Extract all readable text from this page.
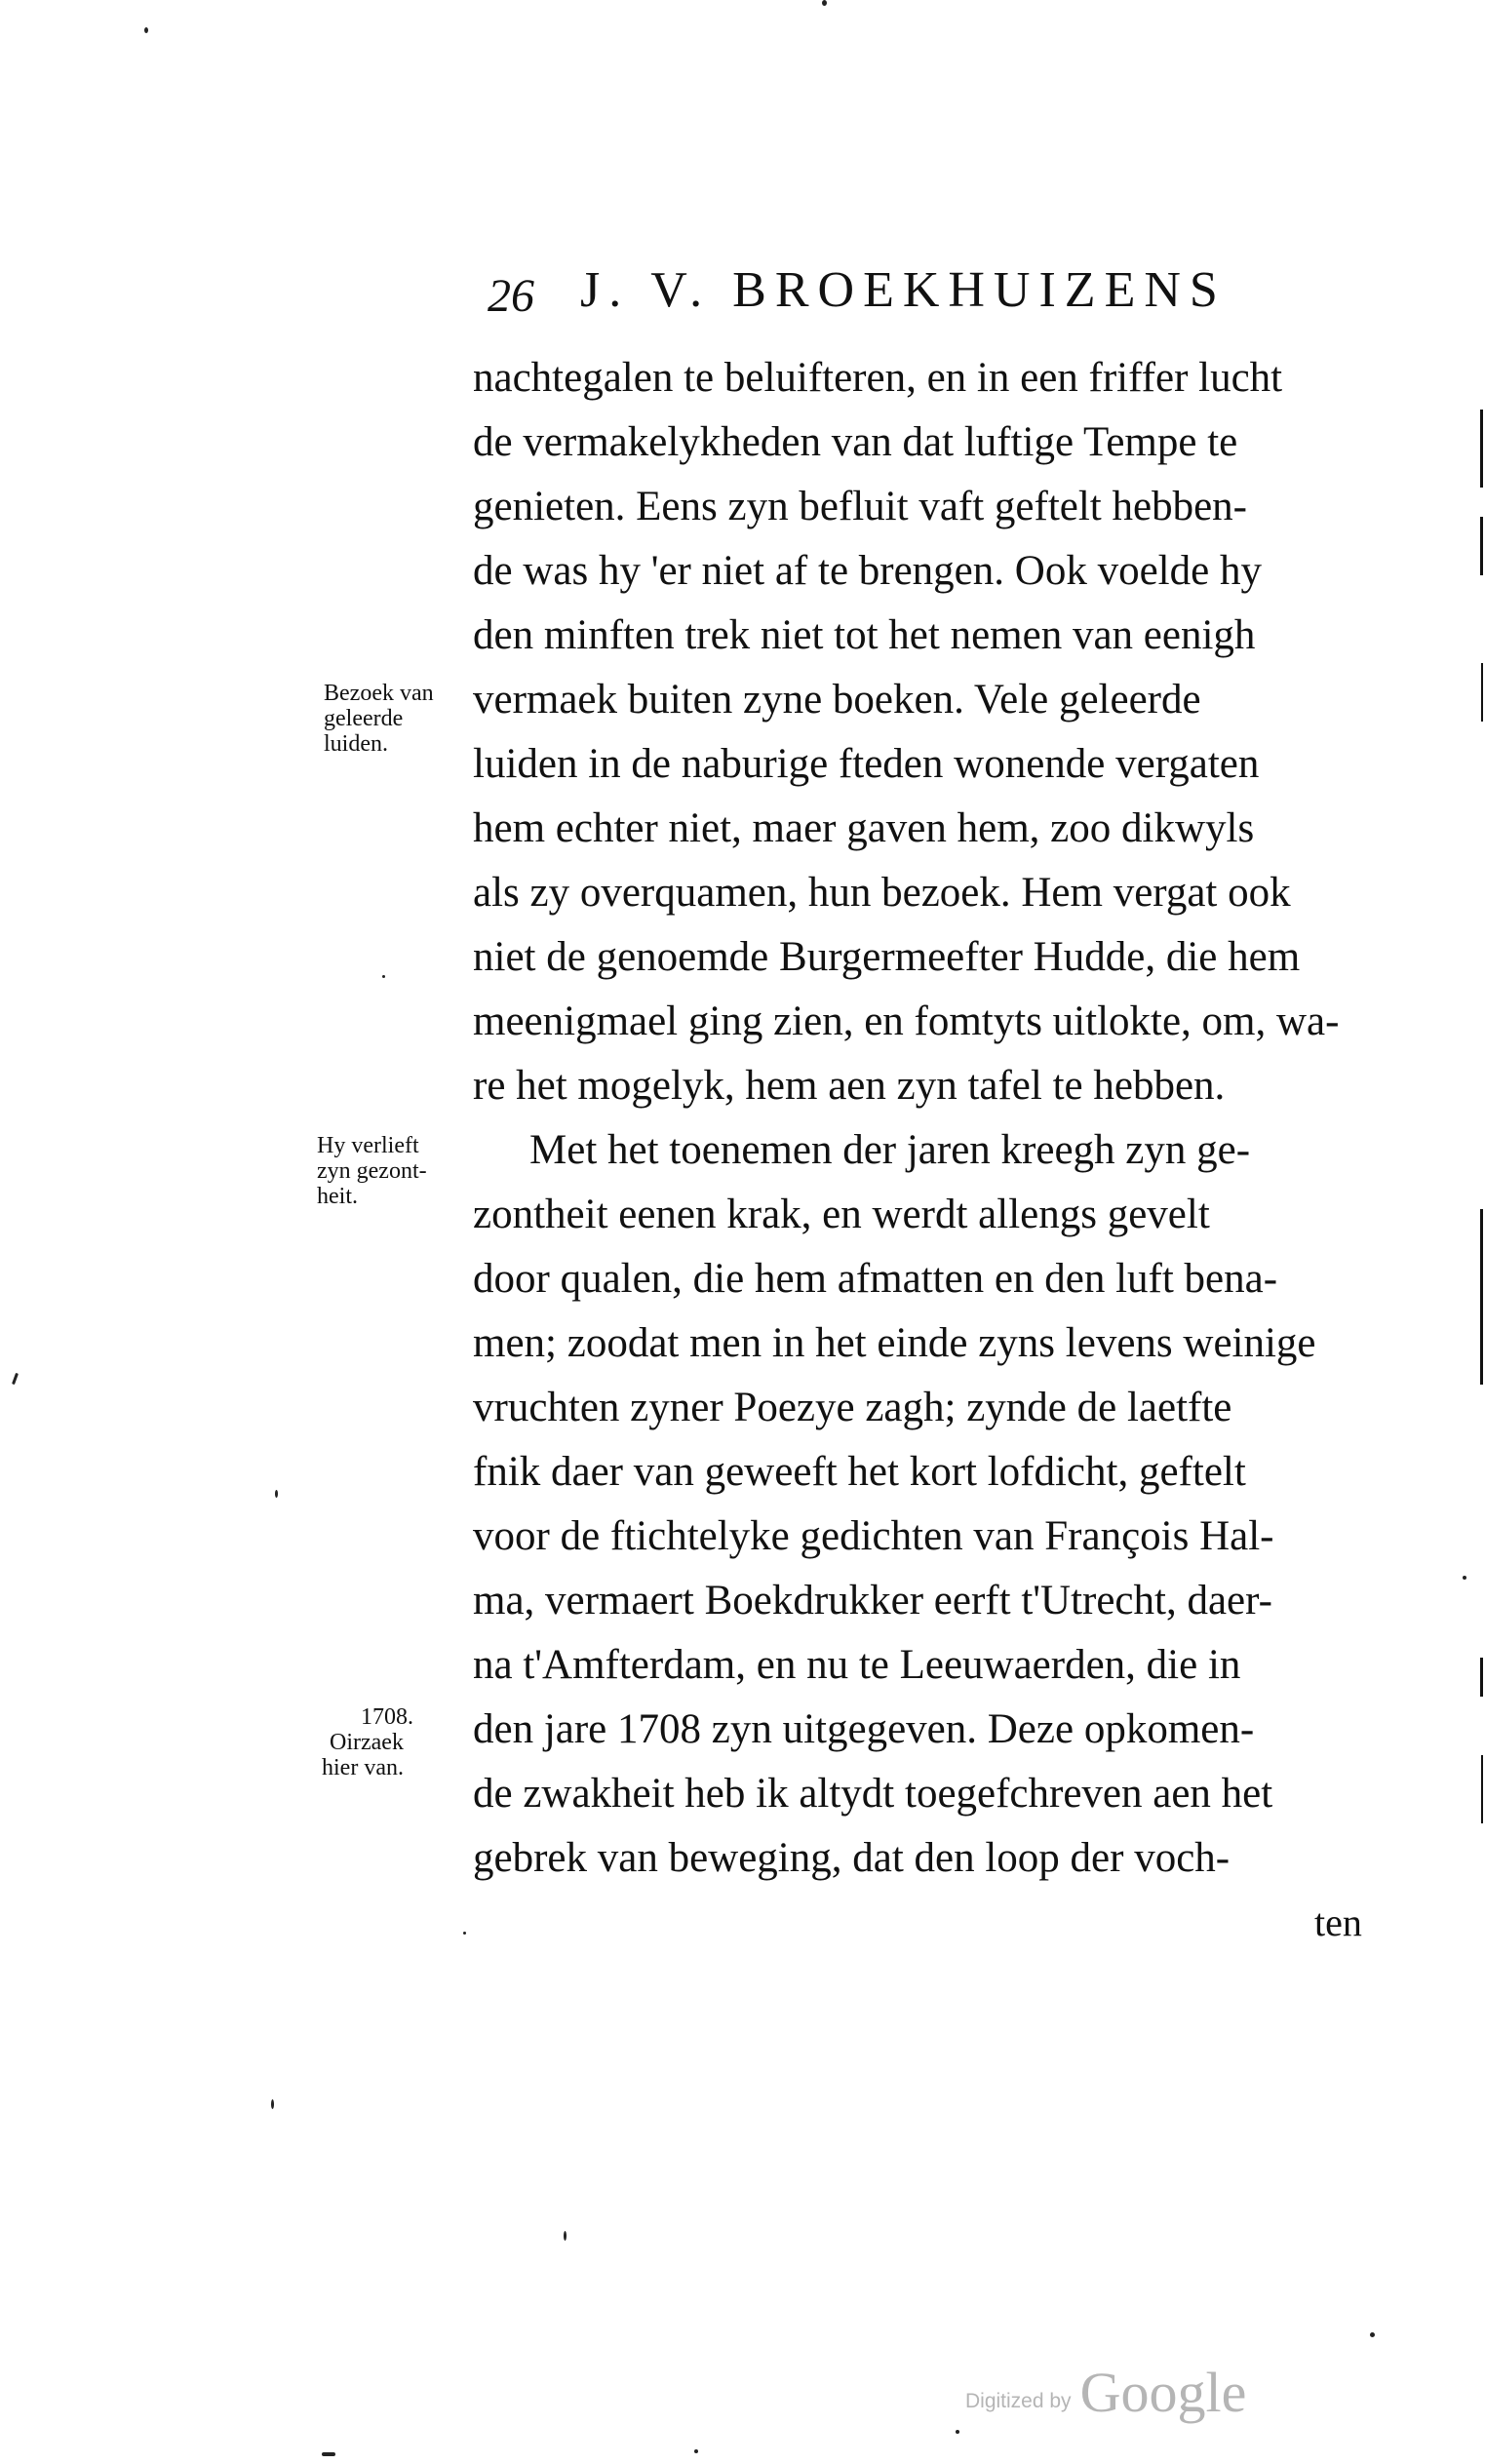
26 J. V. BROEKHUIZENS
nachtegalen te beluifteren, en in een friffer lucht
de vermakelykheden van dat luftige Tempe te
genieten. Eens zyn befluit vaft geftelt hebben-
de was hy 'er niet af te brengen. Ook voelde hy
den minften trek niet tot het nemen van eenigh
vermaek buiten zyne boeken. Vele geleerde
luiden in de naburige fteden wonende vergaten
hem echter niet, maer gaven hem, zoo dikwyls
als zy overquamen, hun bezoek. Hem vergat ook
niet de genoemde Burgermeefter Hudde, die hem
meenigmael ging zien, en fomtyts uitlokte, om, wa-
re het mogelyk, hem aen zyn tafel te hebben.
Met het toenemen der jaren kreegh zyn ge-
zontheit eenen krak, en werdt allengs gevelt
door qualen, die hem afmatten en den luft bena-
men; zoodat men in het einde zyns levens weinige
vruchten zyner Poezye zagh; zynde de laetfte
fnik daer van geweeft het kort lofdicht, geftelt
voor de ftichtelyke gedichten van François Hal-
ma, vermaert Boekdrukker eerft t'Utrecht, daer-
na t'Amfterdam, en nu te Leeuwaerden, die in
den jare 1708 zyn uitgegeven. Deze opkomen-
de zwakheit heb ik altydt toegefchreven aen het
gebrek van beweging, dat den loop der voch-
Bezoek van
geleerde
luiden.
Hy verlieft
zyn gezont-
heit.
1708.
Oirzaek
hier van.
ten
Digitized by Google
